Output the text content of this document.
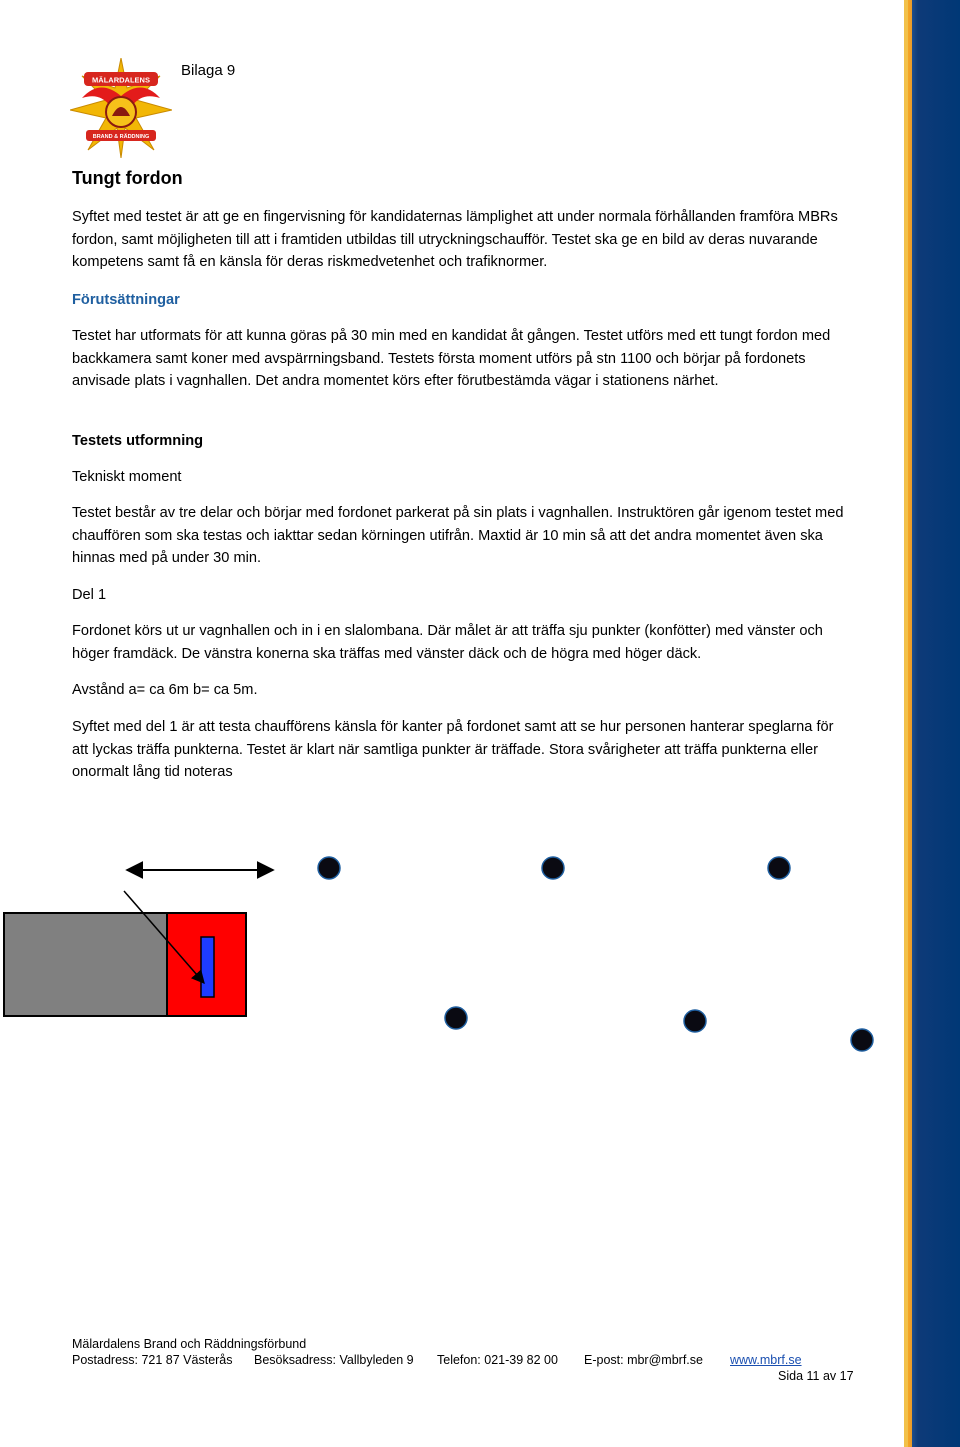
MÄLARDALENS
BRAND & RÄDDNING
Bilaga 9
Tungt fordon
Syftet med testet är att ge en fingervisning för kandidaternas lämplighet att under normala förhållanden framföra MBRs fordon, samt möjligheten till att i framtiden utbildas till utryckningschaufför. Testet ska ge en bild av deras nuvarande kompetens samt få en känsla för deras riskmedvetenhet och trafiknormer.
Förutsättningar
Testet har utformats för att kunna göras på 30 min med en kandidat åt gången. Testet utförs med ett tungt fordon med backkamera samt koner med avspärrningsband. Testets första moment utförs på stn 1100 och börjar på fordonets anvisade plats i vagnhallen. Det andra momentet körs efter förutbestämda vägar i stationens närhet.
Testets utformning
Tekniskt moment
Testet består av tre delar och börjar med fordonet parkerat på sin plats i vagnhallen. Instruktören går igenom testet med chauffören som ska testas och iakttar sedan körningen utifrån. Maxtid är 10 min så att det andra momentet även ska hinnas med på under 30 min.
Del 1
Fordonet körs ut ur vagnhallen och in i en slalombana. Där målet är att träffa sju punkter (konfötter) med vänster och höger framdäck. De vänstra konerna ska träffas med vänster däck och de högra med höger däck.
Avstånd a= ca 6m b= ca 5m.
Syftet med del 1 är att testa chaufförens känsla för kanter på fordonet samt att se hur personen hanterar speglarna för att lyckas träffa punkterna. Testet är klart när samtliga punkter är träffade. Stora svårigheter att träffa punkterna eller onormalt lång tid noteras
Mälardalens Brand och Räddningsförbund
Postadress: 721 87 Västerås Besöksadress: Vallbyleden 9 Telefon: 021-39 82 00 E-post: mbr@mbrf.se www.mbrf.se
Sida 11 av 17
